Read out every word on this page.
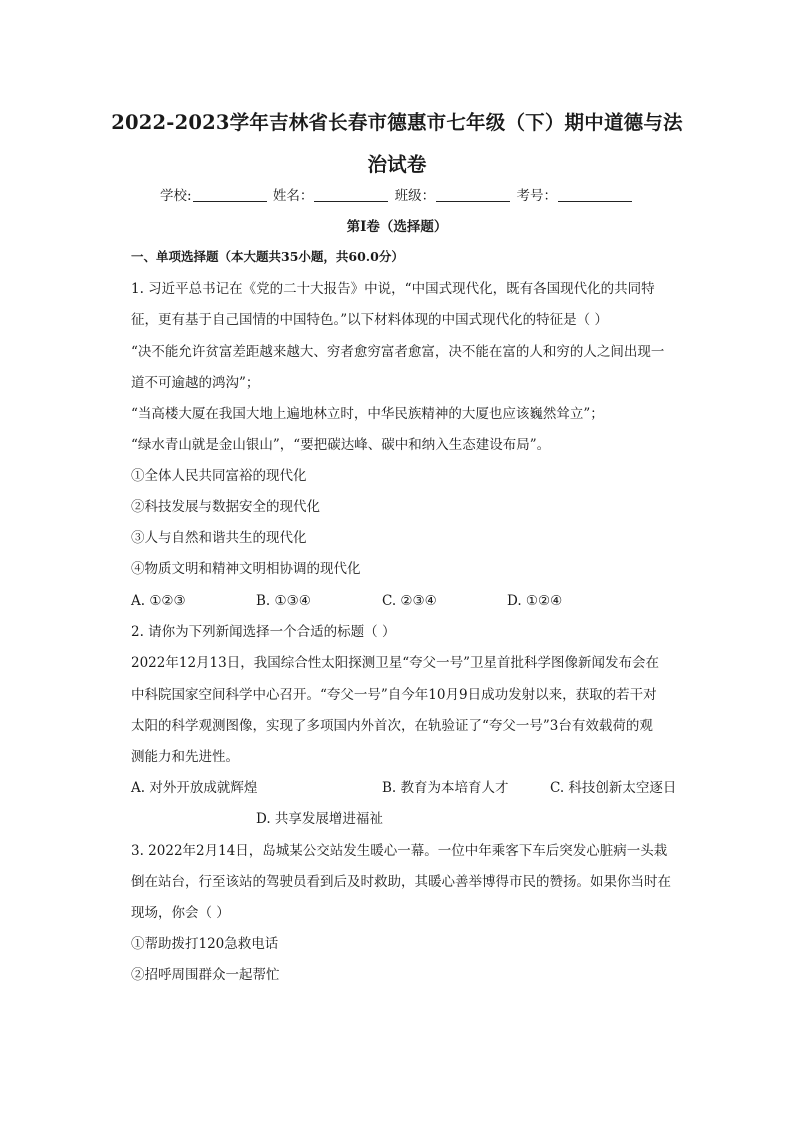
2022-2023学年吉林省长春市德惠市七年级（下）期中道德与法
治试卷
学校:	姓名：	班级：	考号：
第I卷（选择题）
一、单项选择题（本大题共35小题，共60.0分）
1. 习近平总书记在《党的二十大报告》中说，“中国式现代化，既有各国现代化的共同特
征，更有基于自己国情的中国特色。”以下材料体现的中国式现代化的特征是（ ）
“决不能允许贫富差距越来越大、穷者愈穷富者愈富，决不能在富的人和穷的人之间出现一
道不可逾越的鸿沟”；
“当高楼大厦在我国大地上遍地林立时，中华民族精神的大厦也应该巍然耸立”；
“绿水青山就是金山银山”，“要把碳达峰、碳中和纳入生态建设布局”。
①全体人民共同富裕的现代化
②科技发展与数据安全的现代化
③人与自然和谐共生的现代化
④物质文明和精神文明相协调的现代化
A. ①②③	B. ①③④	C. ②③④	D. ①②④
2. 请你为下列新闻选择一个合适的标题（ ）
2022年12月13日，我国综合性太阳探测卫星“夸父一号”卫星首批科学图像新闻发布会在
中科院国家空间科学中心召开。“夸父一号”自今年10月9日成功发射以来，获取的若干对
太阳的科学观测图像，实现了多项国内外首次，在轨验证了“夸父一号”3台有效载荷的观
测能力和先进性。
A. 对外开放成就辉煌	B. 教育为本培育人才	C. 科技创新太空逐日
D. 共享发展增进福祉
3. 2022年2月14日，岛城某公交站发生暖心一幕。一位中年乘客下车后突发心脏病一头栽
倒在站台，行至该站的驾驶员看到后及时救助，其暖心善举博得市民的赞扬。如果你当时在
现场，你会（ ）
①帮助拨打120急救电话
②招呼周围群众一起帮忙
